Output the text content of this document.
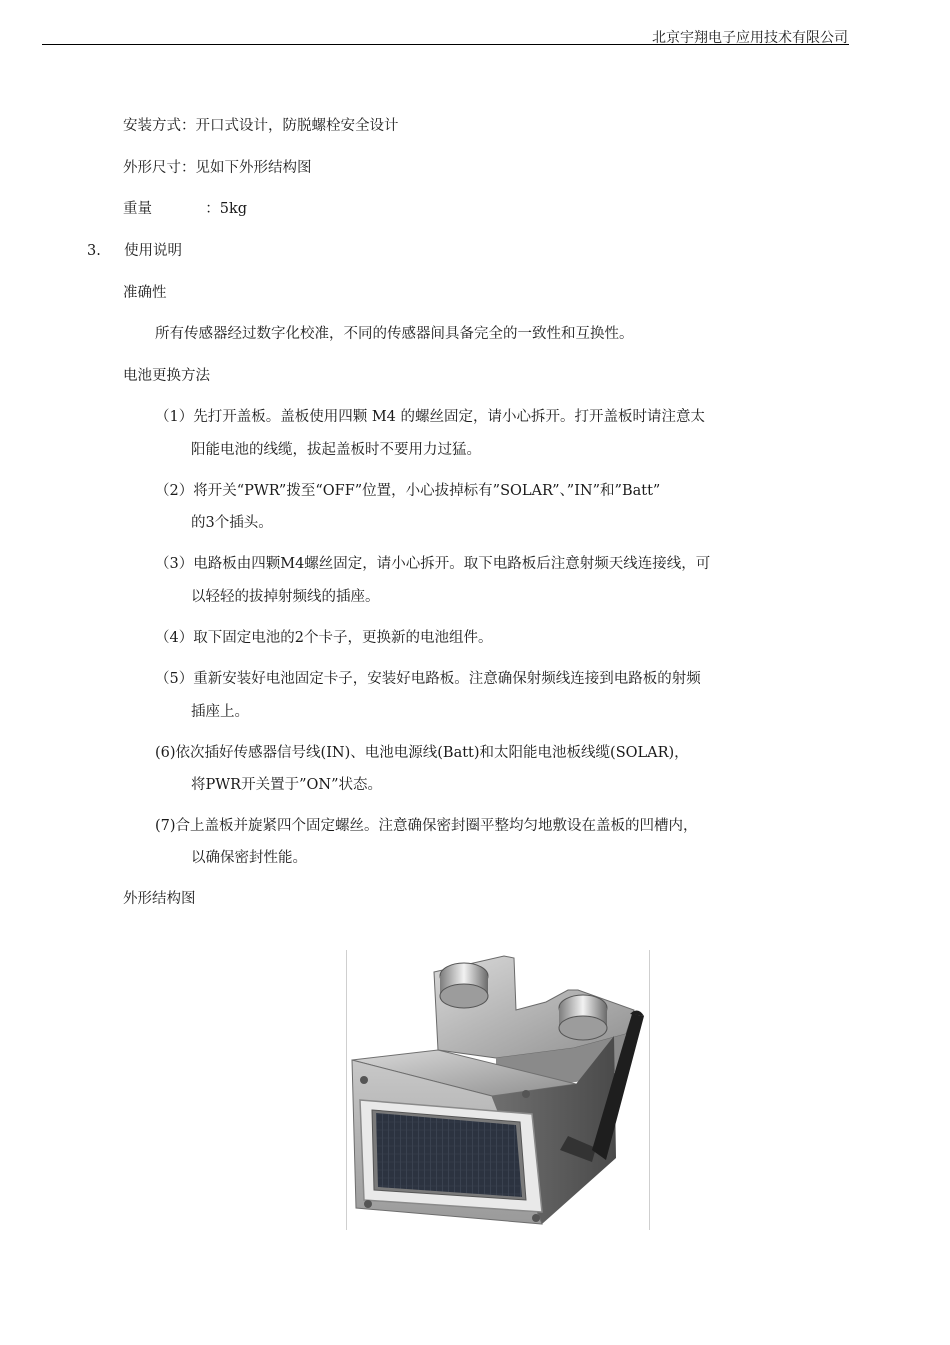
北京宇翔电子应用技术有限公司
安装方式：开口式设计，防脱螺栓安全设计
外形尺寸：见如下外形结构图
重量	：5kg
3. 使用说明
准确性
所有传感器经过数字化校准，不同的传感器间具备完全的一致性和互换性。
电池更换方法
（1）先打开盖板。盖板使用四颗 M4 的螺丝固定，请小心拆开。打开盖板时请注意太
阳能电池的线缆，拔起盖板时不要用力过猛。
（2）将开关“PWR”拨至“OFF”位置，小心拔掉标有”SOLAR”、”IN”和”Batt”
的3个插头。
（3）电路板由四颗M4螺丝固定，请小心拆开。取下电路板后注意射频天线连接线，可
以轻轻的拔掉射频线的插座。
（4）取下固定电池的2个卡子，更换新的电池组件。
（5）重新安装好电池固定卡子，安装好电路板。注意确保射频线连接到电路板的射频
插座上。
(6)依次插好传感器信号线(IN)、电池电源线(Batt)和太阳能电池板线缆(SOLAR)，
将PWR开关置于”ON”状态。
(7)合上盖板并旋紧四个固定螺丝。注意确保密封圈平整均匀地敷设在盖板的凹槽内，
以确保密封性能。
外形结构图
